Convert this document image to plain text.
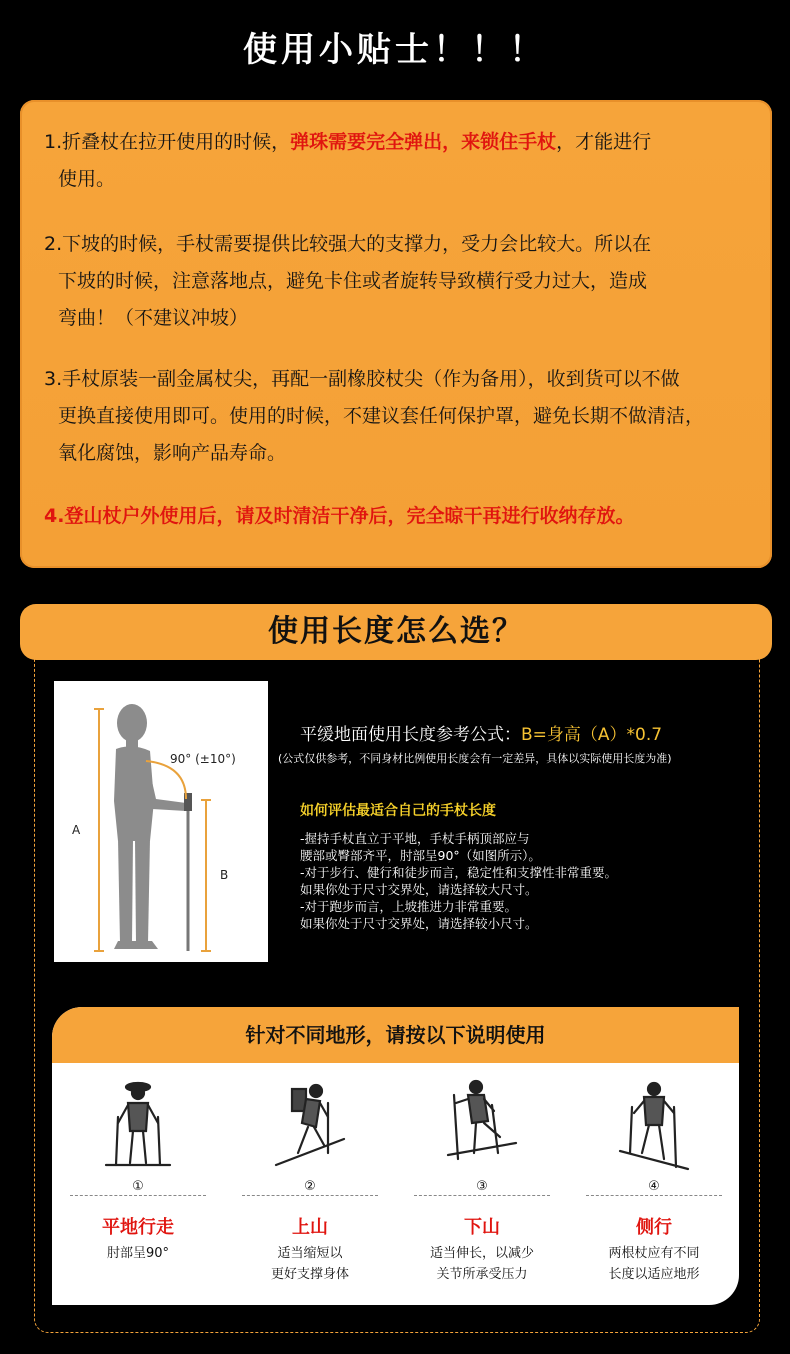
使用小贴士！！！
1.折叠杖在拉开使用的时候，弹珠需要完全弹出，来锁住手杖，才能进行
使用。
2.下坡的时候，手杖需要提供比较强大的支撑力，受力会比较大。所以在
下坡的时候，注意落地点，避免卡住或者旋转导致横行受力过大，造成
弯曲！（不建议冲坡）
3.手杖原装一副金属杖尖，再配一副橡胶杖尖（作为备用），收到货可以不做
更换直接使用即可。使用的时候，不建议套任何保护罩，避免长期不做清洁，
氧化腐蚀，影响产品寿命。
4.登山杖户外使用后，请及时清洁干净后，完全晾干再进行收纳存放。
使用长度怎么选？
90° (±10°)
A
B
平缓地面使用长度参考公式：B=身高（A）*0.7
(公式仅供参考，不同身材比例使用长度会有一定差异，具体以实际使用长度为准)
如何评估最适合自己的手杖长度
-握持手杖直立于平地，手杖手柄顶部应与
腰部或臀部齐平，肘部呈90°（如图所示）。
-对于步行、健行和徒步而言，稳定性和支撑性非常重要。
如果你处于尺寸交界处，请选择较大尺寸。
-对于跑步而言，上坡推进力非常重要。
如果你处于尺寸交界处，请选择较小尺寸。
针对不同地形，请按以下说明使用
①
平地行走
肘部呈90°
②
上山
适当缩短以
更好支撑身体
③
下山
适当伸长，以减少
关节所承受压力
④
侧行
两根杖应有不同
长度以适应地形
